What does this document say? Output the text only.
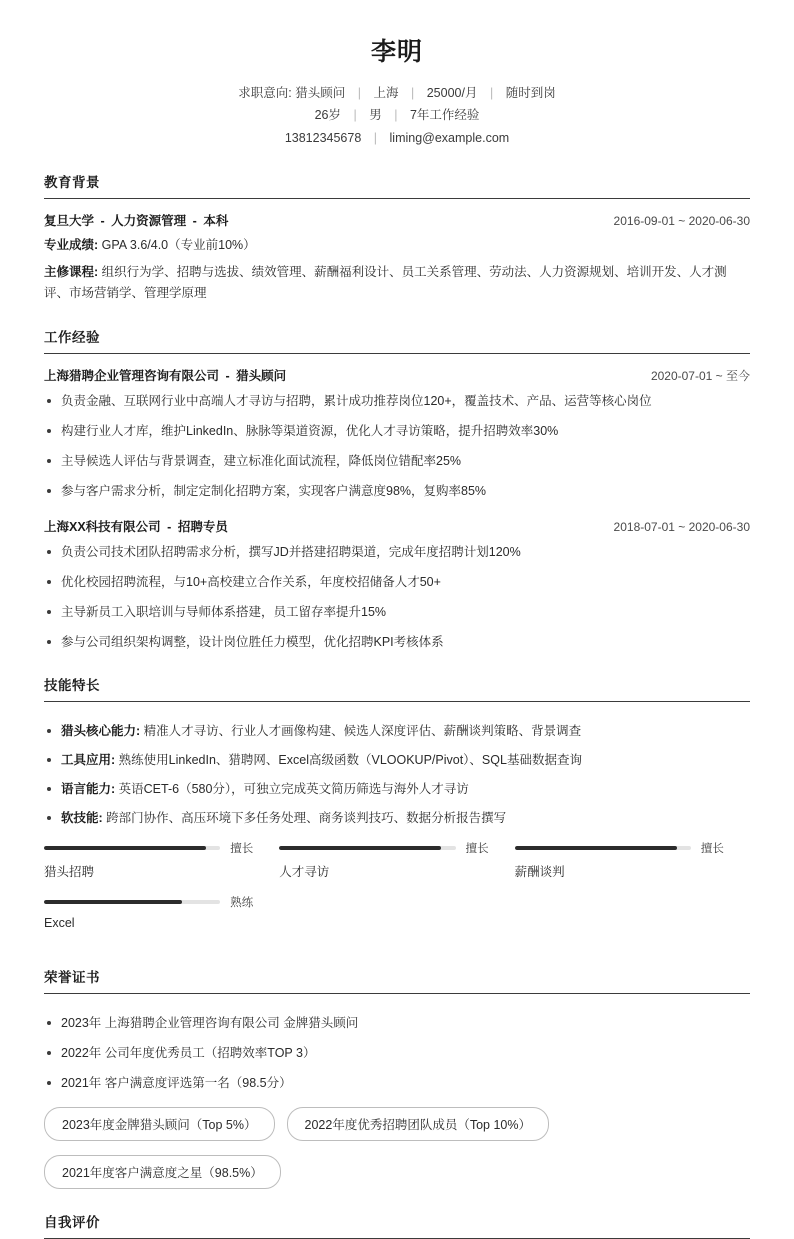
李明
求职意向: 猎头顾问 | 上海 | 25000/月 | 随时到岗
26岁 | 男 | 7年工作经验
13812345678 | liming@example.com
教育背景
复旦大学 - 人力资源管理 - 本科	2016-09-01 ~ 2020-06-30
专业成绩: GPA 3.6/4.0（专业前10%）
主修课程: 组织行为学、招聘与选拔、绩效管理、薪酬福利设计、员工关系管理、劳动法、人力资源规划、培训开发、人才测评、市场营销学、管理学原理
工作经验
上海猎聘企业管理咨询有限公司 - 猎头顾问	2020-07-01 ~ 至今
负责金融、互联网行业中高端人才寻访与招聘，累计成功推荐岗位120+，覆盖技术、产品、运营等核心岗位
构建行业人才库，维护LinkedIn、脉脉等渠道资源，优化人才寻访策略，提升招聘效率30%
主导候选人评估与背景调查，建立标准化面试流程，降低岗位错配率25%
参与客户需求分析，制定定制化招聘方案，实现客户满意度98%，复购率85%
上海XX科技有限公司 - 招聘专员	2018-07-01 ~ 2020-06-30
负责公司技术团队招聘需求分析，撰写JD并搭建招聘渠道，完成年度招聘计划120%
优化校园招聘流程，与10+高校建立合作关系，年度校招储备人才50+
主导新员工入职培训与导师体系搭建，员工留存率提升15%
参与公司组织架构调整，设计岗位胜任力模型，优化招聘KPI考核体系
技能特长
猎头核心能力: 精准人才寻访、行业人才画像构建、候选人深度评估、薪酬谈判策略、背景调查
工具应用: 熟练使用LinkedIn、猎聘网、Excel高级函数（VLOOKUP/Pivot）、SQL基础数据查询
语言能力: 英语CET-6（580分），可独立完成英文简历筛选与海外人才寻访
软技能: 跨部门协作、高压环境下多任务处理、商务谈判技巧、数据分析报告撰写
擅长
猎头招聘
擅长
人才寻访
擅长
薪酬谈判
熟练
Excel
荣誉证书
2023年 上海猎聘企业管理咨询有限公司 金牌猎头顾问
2022年 公司年度优秀员工（招聘效率TOP 3）
2021年 客户满意度评选第一名（98.5分）
2023年度金牌猎头顾问（Top 5%）	2022年度优秀招聘团队成员（Top 10%）
2021年度客户满意度之星（98.5%）
自我评价
